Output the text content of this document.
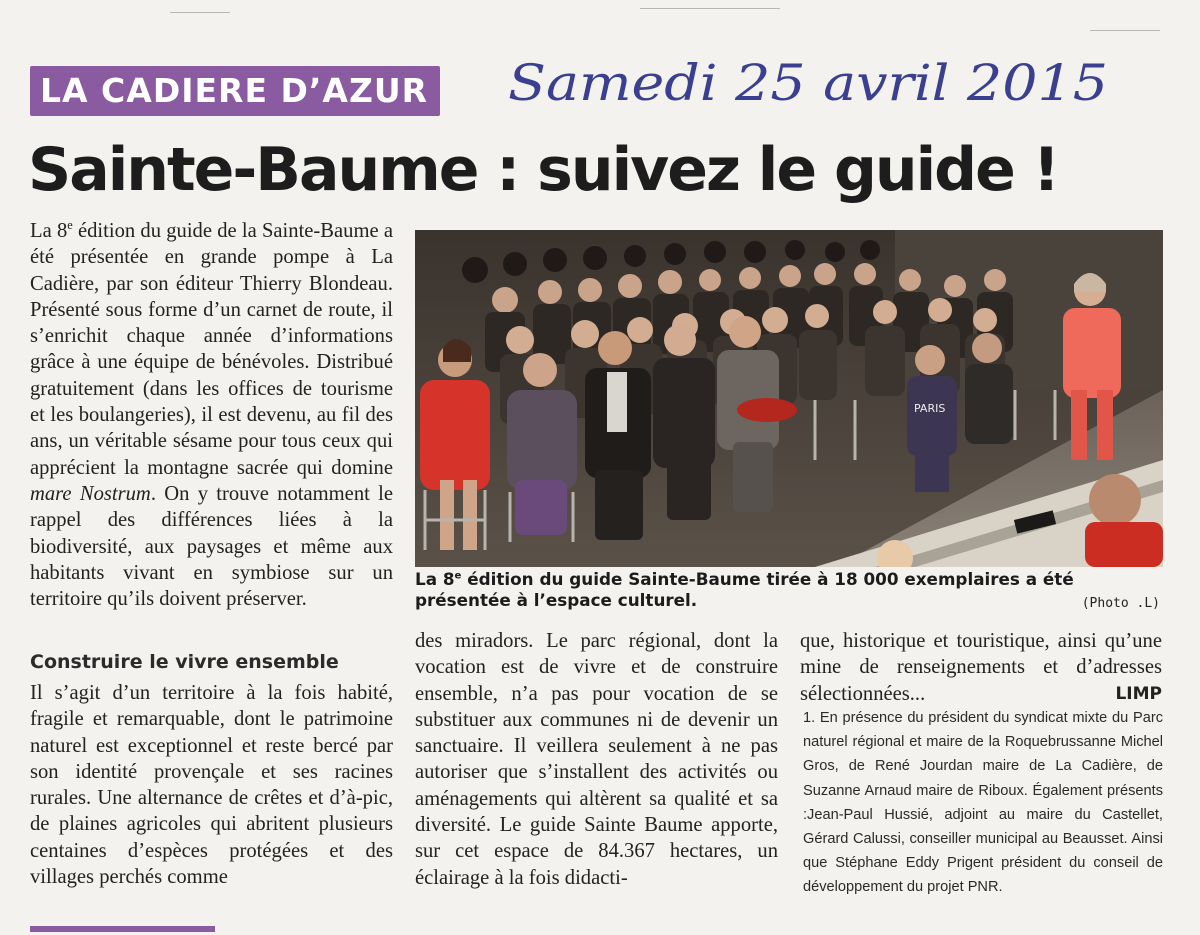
LA CADIERE D’AZUR Samedi 25 avril 2015
Sainte-Baume : suivez le guide !

La 8e édition du guide de la Sainte-Baume a été présentée en grande pompe à La Cadière, par son éditeur Thierry Blondeau. Présenté sous forme d’un carnet de route, il s’enrichit chaque année d’informations grâce à une équipe de bénévoles. Distribué gratuitement (dans les offices de tourisme et les boulangeries), il est devenu, au fil des ans, un véritable sésame pour tous ceux qui apprécient la montagne sacrée qui domine mare Nostrum. On y trouve notamment le rappel des différences liées à la biodiversité, aux paysages et même aux habitants vivant en symbiose sur un territoire qu’ils doivent préserver.

Construire le vivre ensemble

Il s’agit d’un territoire à la fois habité, fragile et remarquable, dont le patrimoine naturel est exceptionnel et reste bercé par son identité provençale et ses racines rurales. Une alternance de crêtes et d’à-pic, de plaines agricoles qui abritent plusieurs centaines d’espèces protégées et des villages perchés comme

PARIS
La 8e édition du guide Sainte-Baume tirée à 18 000 exemplaires a été présentée à l’espace culturel.	(Photo .L)

des miradors. Le parc régional, dont la vocation est de vivre et de construire ensemble, n’a pas pour vocation de se substituer aux communes ni de devenir un sanctuaire. Il veillera seulement à ne pas autoriser que s’installent des activités ou aménagements qui altèrent sa qualité et sa diversité. Le guide Sainte Baume apporte, sur cet espace de 84.367 hectares, un éclairage à la fois didacti-

que, historique et touristique, ainsi qu’une mine de renseignements et d’adresses sélectionnées...	LIMP

1. En présence du président du syndicat mixte du Parc naturel régional et maire de la Roquebrussanne Michel Gros, de René Jourdan maire de La Cadière, de Suzanne Arnaud maire de Riboux. Également présents :Jean-Paul Hussié, adjoint au maire du Castellet, Gérard Calussi, conseiller municipal au Beausset. Ainsi que Stéphane Eddy Prigent président du conseil de développement du projet PNR.
